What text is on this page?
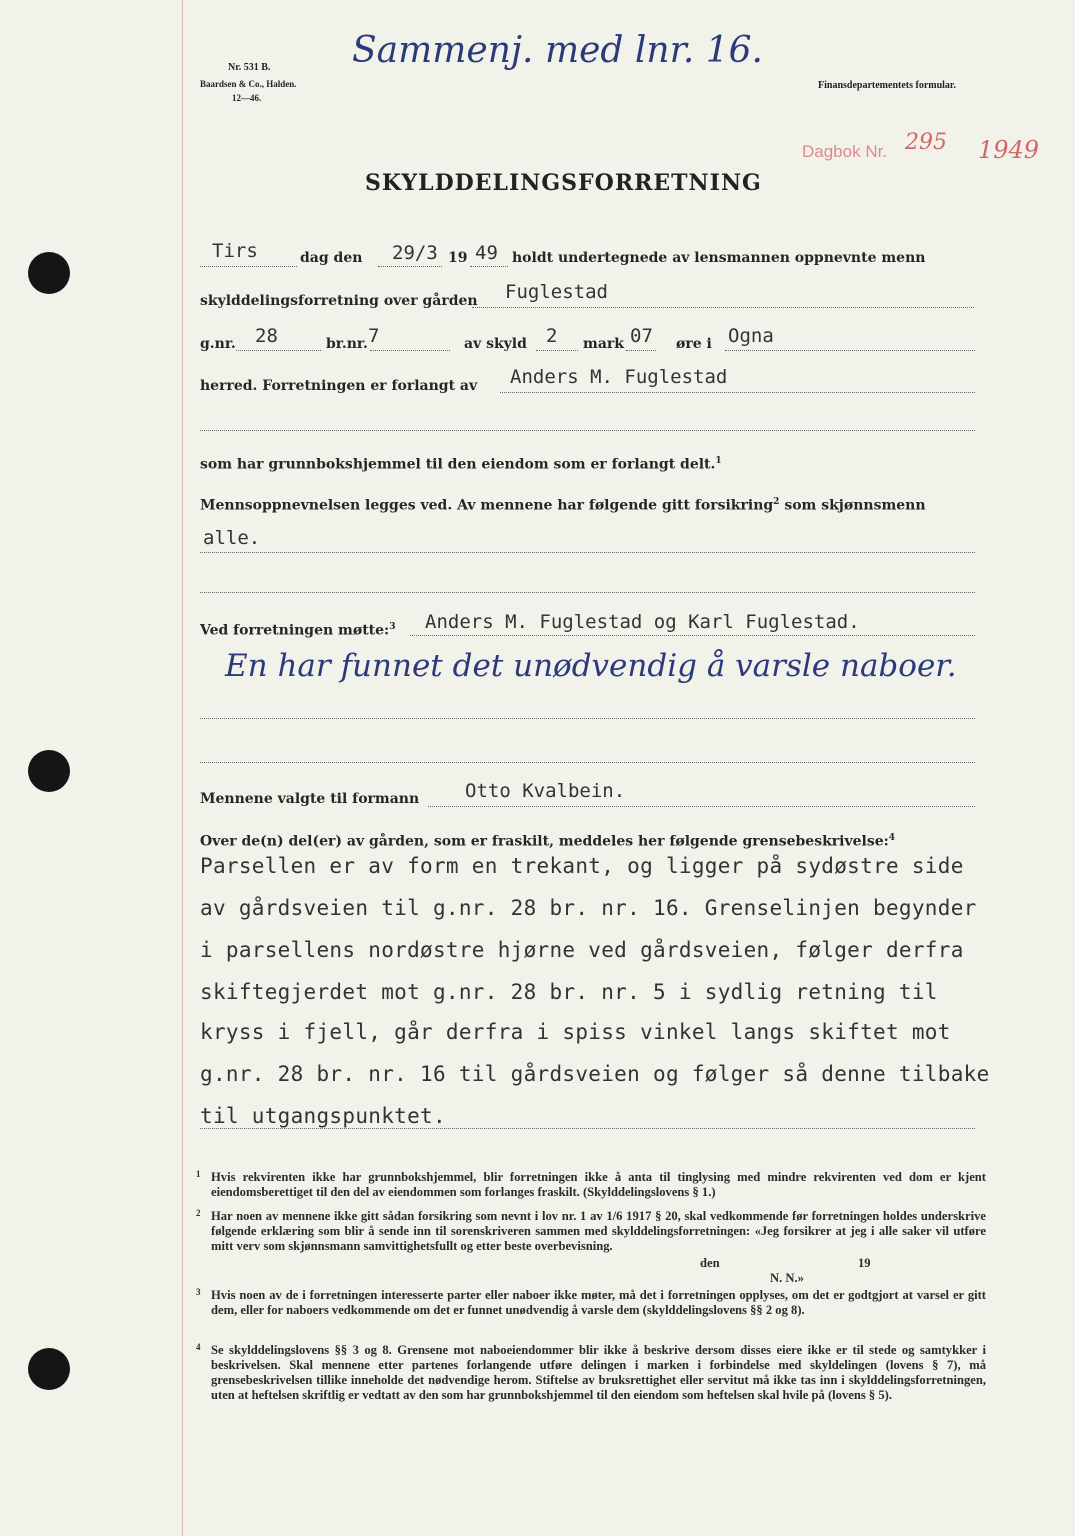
Nr. 531 B.
Baardsen & Co., Halden.
12—46.
Sammenj. med lnr. 16.
Finansdepartementets formular.
Dagbok Nr. 295 1949
SKYLDDELINGSFORRETNING
Tirs	dag den 29/3 19 49 holdt undertegnede av lensmannen oppnevnte menn
skylddelingsforretning over gården Fuglestad
g.nr. 28	br.nr. 7	av skyld 2 mark 07 øre i Ogna
herred. Forretningen er forlangt av Anders M. Fuglestad
som har grunnbokshjemmel til den eiendom som er forlangt delt.$^1$
Mennsoppnevnelsen legges ved. Av mennene har følgende gitt forsikring$^2$ som skjønnsmenn
alle.
Ved forretningen møtte:$^3$ Anders M. Fuglestad og Karl Fuglestad.
En har funnet det unødvendig å varsle naboer.
Mennene valgte til formann Otto Kvalbein.
Over de(n) del(er) av gården, som er fraskilt, meddeles her følgende grensebeskrivelse:$^4$
Parsellen er av form en trekant, og ligger på sydøstre side
av gårdsveien til g.nr. 28 br. nr. 16. Grenselinjen begynder
i parsellens nordøstre hjørne ved gårdsveien, følger derfra
skiftegjerdet mot g.nr. 28 br. nr. 5 i sydlig retning til
kryss i fjell, går derfra i spiss vinkel langs skiftet mot
g.nr. 28 br. nr. 16 til gårdsveien og følger så denne tilbake
til utgangspunktet.
1 Hvis rekvirenten ikke har grunnbokshjemmel, blir forretningen ikke å anta til tinglysing med mindre rekvirenten ved dom er kjent eiendomsberettiget til den del av eiendommen som forlanges fraskilt. (Skylddelingslovens § 1.)
2 Har noen av mennene ikke gitt sådan forsikring som nevnt i lov nr. 1 av 1/6 1917 § 20, skal vedkommende før forretningen holdes underskrive følgende erklæring som blir å sende inn til sorenskriveren sammen med skylddelingsforretningen: «Jeg forsikrer at jeg i alle saker vil utføre mitt verv som skjønnsmann samvittighetsfullt og etter beste overbevisning.
den	19
N. N.»
3 Hvis noen av de i forretningen interesserte parter eller naboer ikke møter, må det i forretningen opplyses, om det er godtgjort at varsel er gitt dem, eller for naboers vedkommende om det er funnet unødvendig å varsle dem (skylddelingslovens §§ 2 og 8).
4 Se skylddelingslovens §§ 3 og 8. Grensene mot naboeiendommer blir ikke å beskrive dersom disses eiere ikke er til stede og samtykker i beskrivelsen. Skal mennene etter partenes forlangende utføre delingen i marken i forbindelse med skyldelingen (lovens § 7), må grensebeskrivelsen tillike inneholde det nødvendige herom. Stiftelse av bruksrettighet eller servitut må ikke tas inn i skylddelingsforretningen, uten at heftelsen skriftlig er vedtatt av den som har grunnbokshjemmel til den eiendom som heftelsen skal hvile på (lovens § 5).
